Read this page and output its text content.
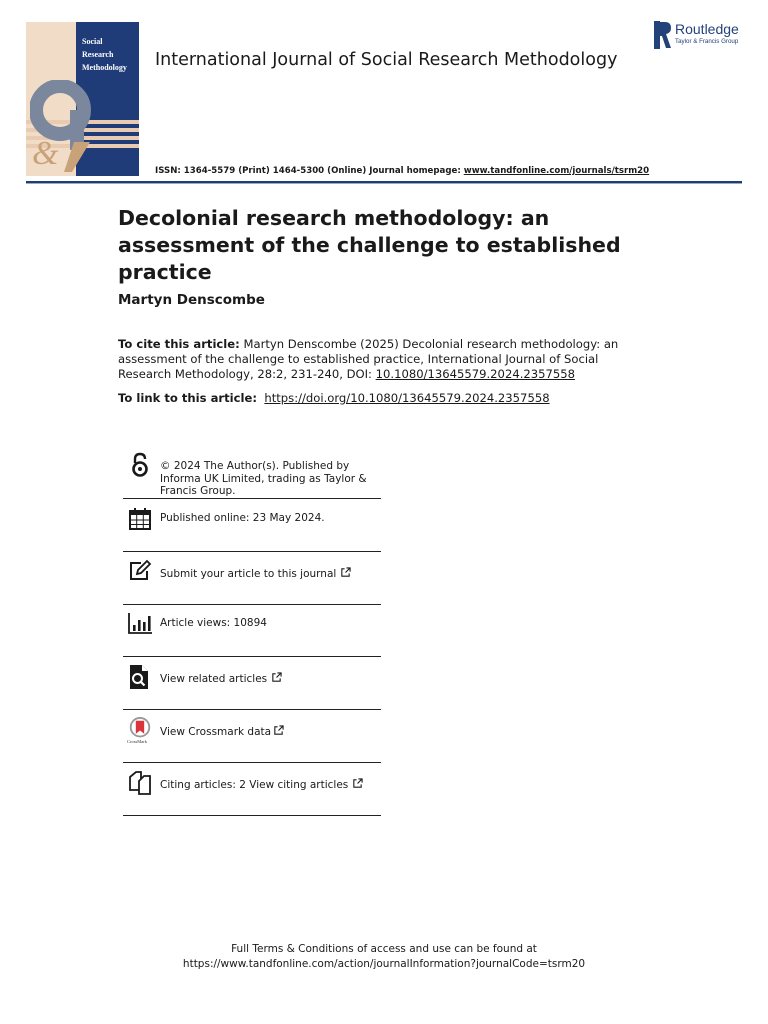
Social
Research
Methodology
&
International Journal of Social Research Methodology
Routledge
Taylor & Francis Group
ISSN: 1364-5579 (Print) 1464-5300 (Online) Journal homepage: www.tandfonline.com/journals/tsrm20
Decolonial research methodology: an assessment of the challenge to established practice
Martyn Denscombe
To cite this article: Martyn Denscombe (2025) Decolonial research methodology: an assessment of the challenge to established practice, International Journal of Social Research Methodology, 28:2, 231-240, DOI: 10.1080/13645579.2024.2357558
To link to this article: https://doi.org/10.1080/13645579.2024.2357558
© 2024 The Author(s). Published by Informa UK Limited, trading as Taylor & Francis Group.
Published online: 23 May 2024.
Submit your article to this journal
Article views: 10894
View related articles
CrossMark
View Crossmark data
Citing articles: 2 View citing articles
Full Terms & Conditions of access and use can be found at
https://www.tandfonline.com/action/journalInformation?journalCode=tsrm20
